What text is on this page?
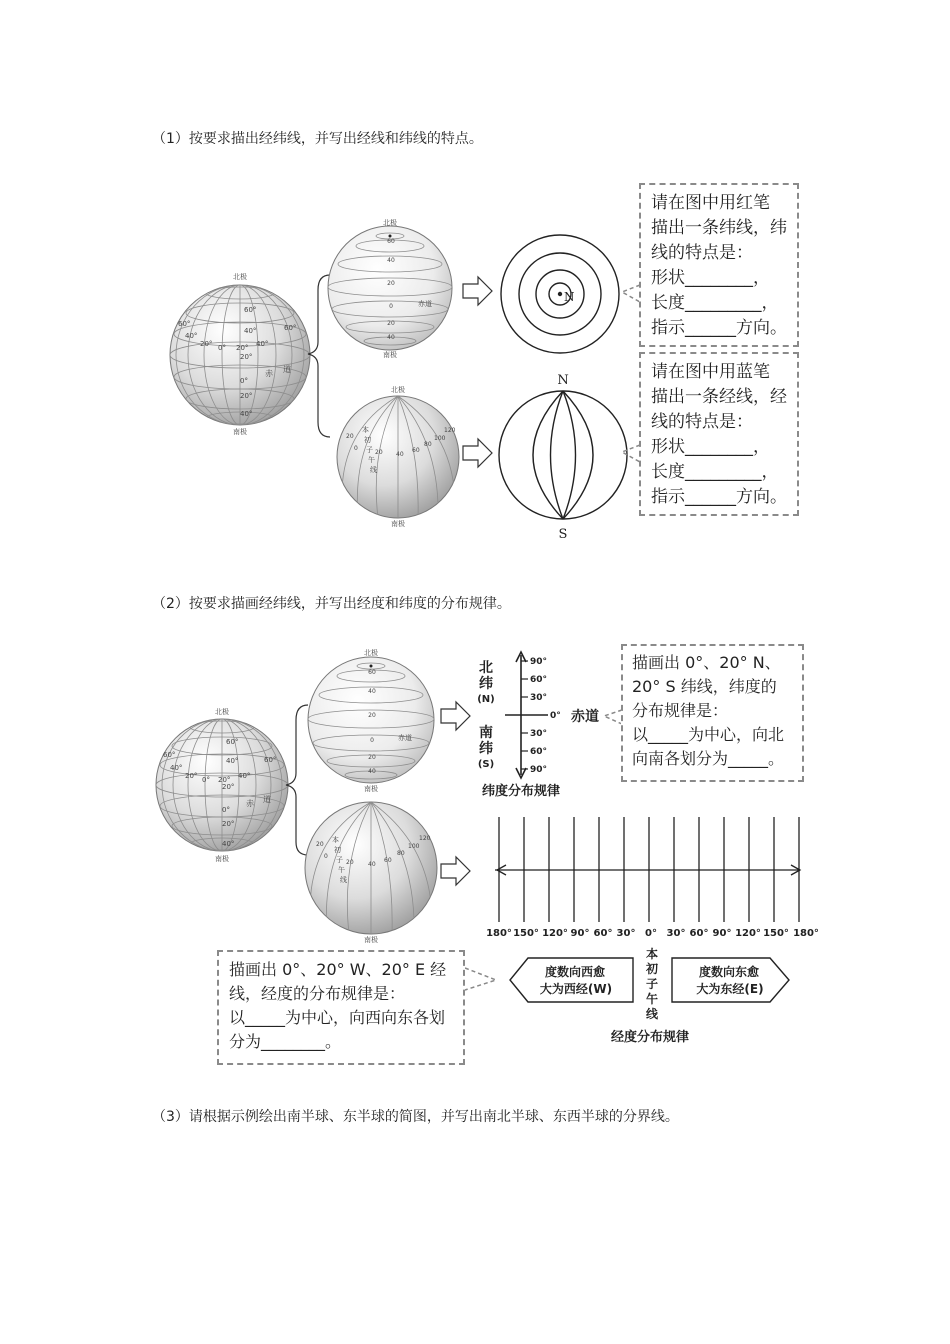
（1）按要求描出经纬线，并写出经线和纬线的特点。
（2）按要求描画经纬线，并写出经度和纬度的分布规律。
（3）请根据示例绘出南半球、东半球的简图，并写出南北半球、东西半球的分界线。
北极
南极
60°
40°
20°
0°
20°
40°
60°
40°
20° 0° 20° 40°
60°
赤 道
北极
南极
赤道
60
40
20
0
20
40
北极
南极
本
初
子
午
线
20
0
20 40
60
80
100
120
N
N
S
北极
南极
60°
40°
20°
0°
20°
40°
60°
40°
20° 0° 20° 40°
60°
赤 道
北极
南极
赤道
60
40
20
0
20
40
南极
本
初
子
午
线
20
0
20 40
60
80
100
120
90°
60°
30°
0°
30°
60°
90°
北
纬
(N)
南
纬
(S)
赤道
纬度分布规律
180° 150° 120° 90° 60° 30° 0° 30° 60° 90° 120° 150° 180°
度数向西愈
大为西经(W)
度数向东愈
大为东经(E)
本
初
子
午
线
经度分布规律
请在图中用红笔
描出一条纬线，纬
线的特点是：
形状________，
长度_________，
指示______方向。
请在图中用蓝笔
描出一条经线，经
线的特点是：
形状________，
长度_________，
指示______方向。
描画出 0°、20° N、
20° S 纬线，纬度的
分布规律是：
以_____为中心，向北
向南各划分为_____。
描画出 0°、20° W、20° E 经
线，经度的分布规律是：
以_____为中心，向西向东各划
分为________。
